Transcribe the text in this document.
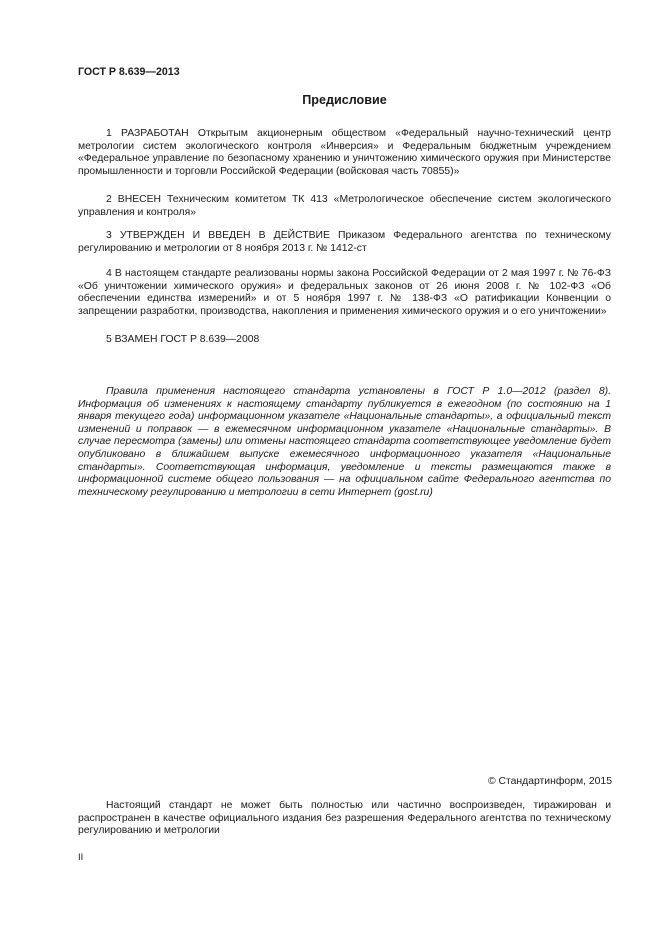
ГОСТ Р 8.639—2013
Предисловие
1 РАЗРАБОТАН Открытым акционерным обществом «Федеральный научно-технический центр метрологии систем экологического контроля «Инверсия» и Федеральным бюджетным учреждением «Федеральное управление по безопасному хранению и уничтожению химического оружия при Министерстве промышленности и торговли Российской Федерации (войсковая часть 70855)»
2 ВНЕСЕН Техническим комитетом ТК 413 «Метрологическое обеспечение систем экологического управления и контроля»
3 УТВЕРЖДЕН И ВВЕДЕН В ДЕЙСТВИЕ Приказом Федерального агентства по техническому регулированию и метрологии от 8 ноября 2013 г. № 1412-ст
4 В настоящем стандарте реализованы нормы закона Российской Федерации от 2 мая 1997 г. № 76-ФЗ «Об уничтожении химического оружия» и федеральных законов от 26 июня 2008 г. № 102-ФЗ «Об обеспечении единства измерений» и от 5 ноября 1997 г. № 138-ФЗ «О ратификации Конвенции о запрещении разработки, производства, накопления и применения химического оружия и о его уничтожении»
5 ВЗАМЕН ГОСТ Р 8.639—2008
Правила применения настоящего стандарта установлены в ГОСТ Р 1.0—2012 (раздел 8). Информация об изменениях к настоящему стандарту публикуется в ежегодном (по состоянию на 1 января текущего года) информационном указателе «Национальные стандарты», а официальный текст изменений и поправок — в ежемесячном информационном указателе «Национальные стандарты». В случае пересмотра (замены) или отмены настоящего стандарта соответствующее уведомление будет опубликовано в ближайшем выпуске ежемесячного информационного указателя «Национальные стандарты». Соответствующая информация, уведомление и тексты размещаются также в информационной системе общего пользования — на официальном сайте Федерального агентства по техническому регулированию и метрологии в сети Интернет (gost.ru)
© Стандартинформ, 2015
Настоящий стандарт не может быть полностью или частично воспроизведен, тиражирован и распространен в качестве официального издания без разрешения Федерального агентства по техническому регулированию и метрологии
II
